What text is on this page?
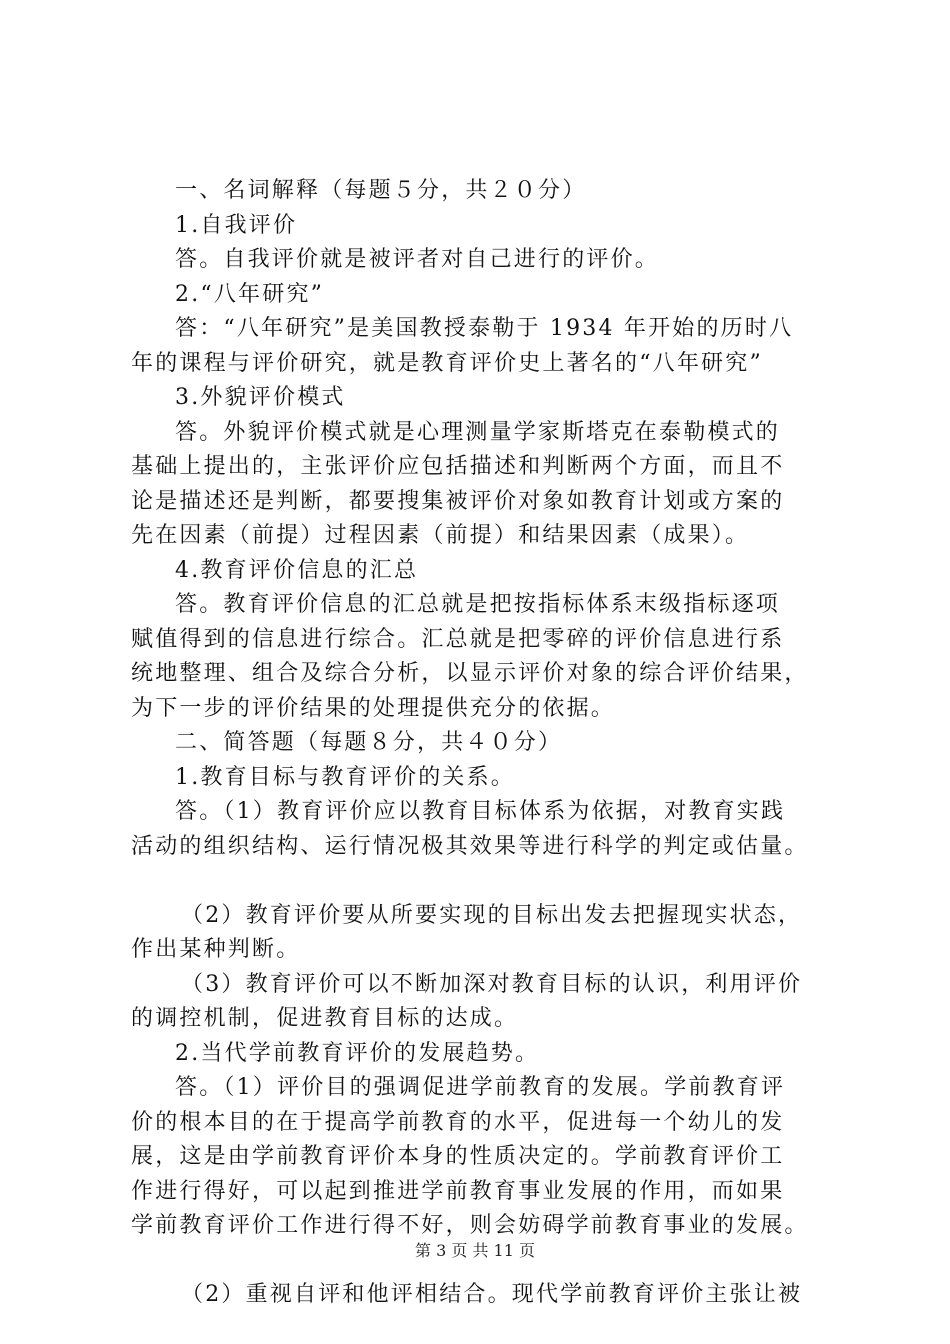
一、名词解释（每题５分，共２０分）
1.自我评价
答。自我评价就是被评者对自己进行的评价。
2.“八年研究”
答：“八年研究”是美国教授泰勒于 1934 年开始的历时八
年的课程与评价研究，就是教育评价史上著名的“八年研究”
3.外貌评价模式
答。外貌评价模式就是心理测量学家斯塔克在泰勒模式的
基础上提出的，主张评价应包括描述和判断两个方面，而且不
论是描述还是判断，都要搜集被评价对象如教育计划或方案的
先在因素（前提）过程因素（前提）和结果因素（成果）。
4.教育评价信息的汇总
答。教育评价信息的汇总就是把按指标体系末级指标逐项
赋值得到的信息进行综合。汇总就是把零碎的评价信息进行系
统地整理、组合及综合分析，以显示评价对象的综合评价结果，
为下一步的评价结果的处理提供充分的依据。
二、简答题（每题８分，共４０分）
1.教育目标与教育评价的关系。
答。（1）教育评价应以教育目标体系为依据，对教育实践
活动的组织结构、运行情况极其效果等进行科学的判定或估量。
（2）教育评价要从所要实现的目标出发去把握现实状态，
作出某种判断。
（3）教育评价可以不断加深对教育目标的认识，利用评价
的调控机制，促进教育目标的达成。
2.当代学前教育评价的发展趋势。
答。（1）评价目的强调促进学前教育的发展。学前教育评
价的根本目的在于提高学前教育的水平，促进每一个幼儿的发
展，这是由学前教育评价本身的性质决定的。学前教育评价工
作进行得好，可以起到推进学前教育事业发展的作用，而如果
学前教育评价工作进行得不好，则会妨碍学前教育事业的发展。
（2）重视自评和他评相结合。现代学前教育评价主张让被
第 3 页 共 11 页
